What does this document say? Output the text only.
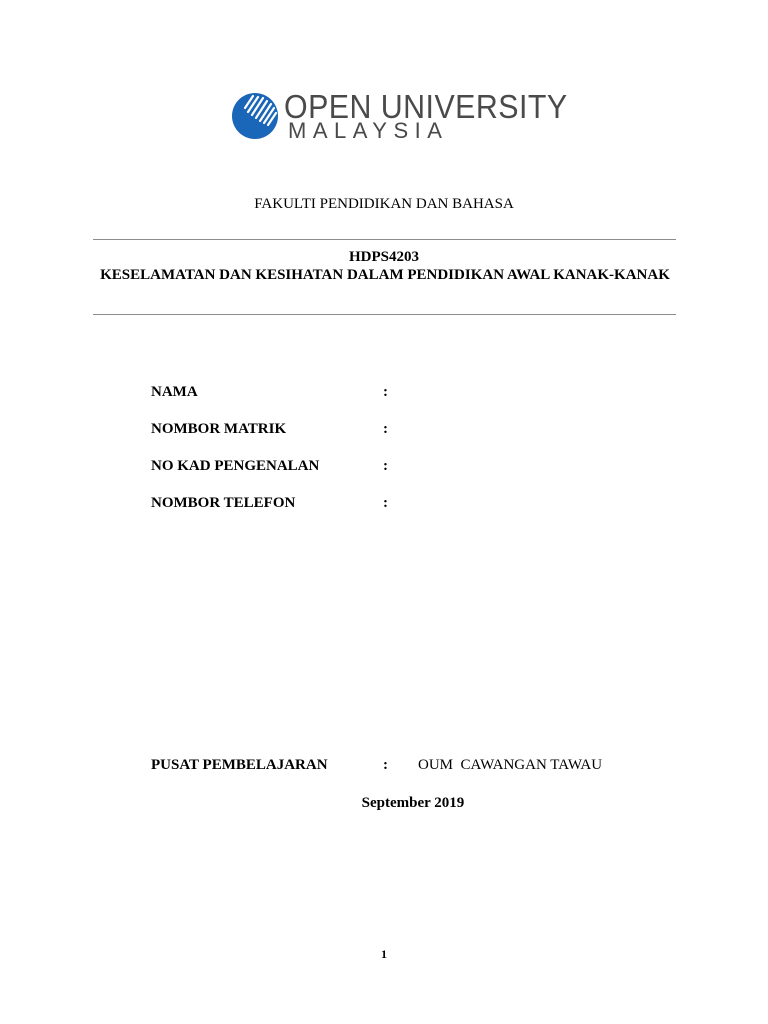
OPEN UNIVERSITY
MALAYSIA
FAKULTI PENDIDIKAN DAN BAHASA
HDPS4203
KESELAMATAN DAN KESIHATAN DALAM PENDIDIKAN AWAL KANAK-KANAK
NAMA	:
NOMBOR MATRIK	:
NO KAD PENGENALAN	:
NOMBOR TELEFON	:
PUSAT PEMBELAJARAN	: OUM  CAWANGAN TAWAU
September 2019
1
